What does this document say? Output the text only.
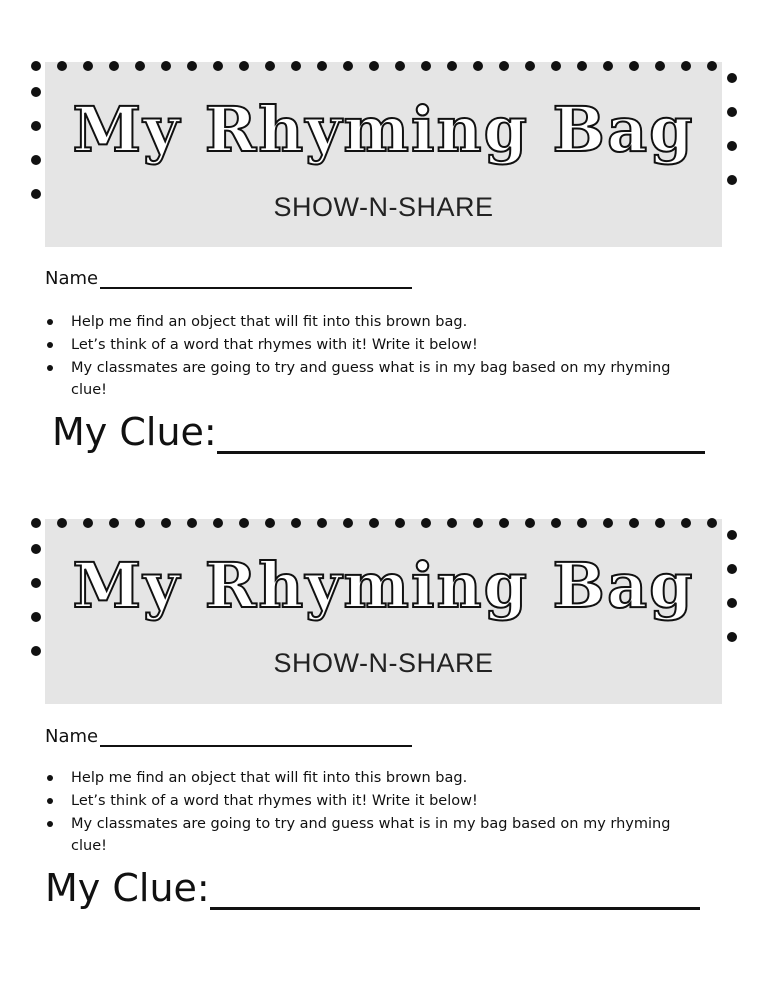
My Rhyming Bag
SHOW-N-SHARE
Name
Help me find an object that will fit into this brown bag.
Let’s think of a word that rhymes with it! Write it below!
My classmates are going to try and guess what is in my bag based on my rhyming clue!
My Clue:
My Rhyming Bag
SHOW-N-SHARE
Name
Help me find an object that will fit into this brown bag.
Let’s think of a word that rhymes with it! Write it below!
My classmates are going to try and guess what is in my bag based on my rhyming clue!
My Clue:
